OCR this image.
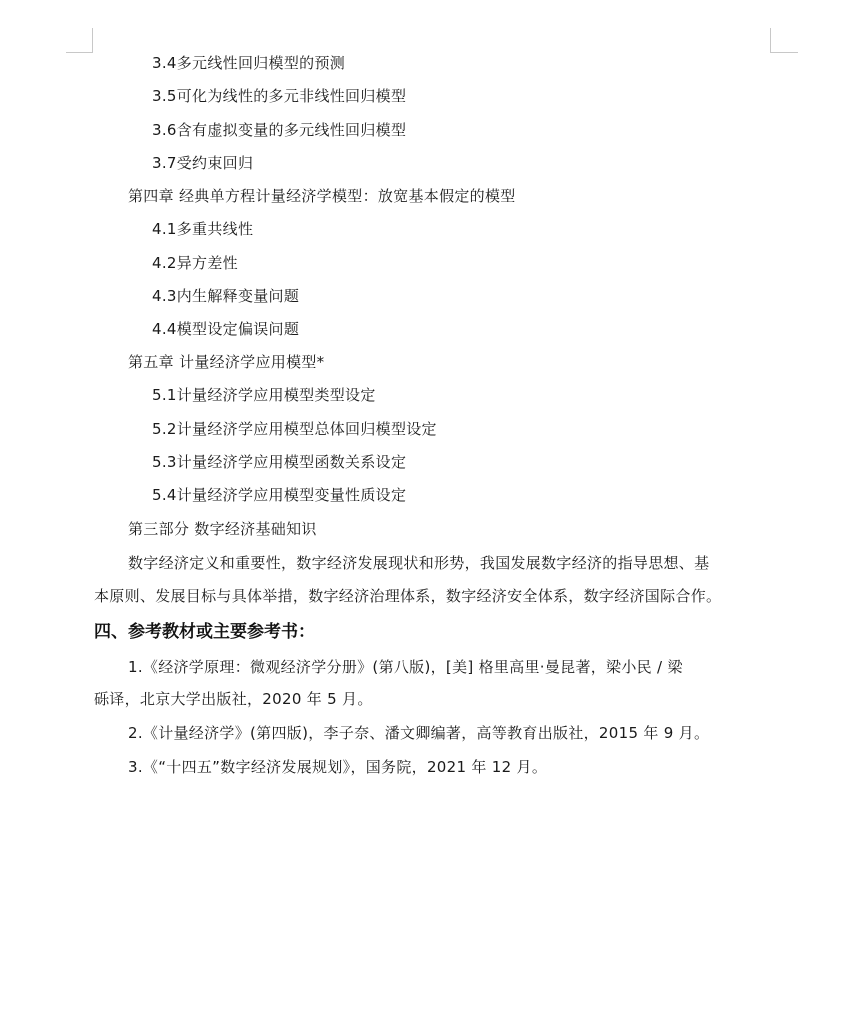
3.4多元线性回归模型的预测
3.5可化为线性的多元非线性回归模型
3.6含有虚拟变量的多元线性回归模型
3.7受约束回归
第四章 经典单方程计量经济学模型：放宽基本假定的模型
4.1多重共线性
4.2异方差性
4.3内生解释变量问题
4.4模型设定偏误问题
第五章 计量经济学应用模型*
5.1计量经济学应用模型类型设定
5.2计量经济学应用模型总体回归模型设定
5.3计量经济学应用模型函数关系设定
5.4计量经济学应用模型变量性质设定
第三部分 数字经济基础知识
数字经济定义和重要性，数字经济发展现状和形势，我国发展数字经济的指导思想、基
本原则、发展目标与具体举措，数字经济治理体系，数字经济安全体系，数字经济国际合作。
四、参考教材或主要参考书：
1.《经济学原理：微观经济学分册》(第八版)，[美] 格里高里·曼昆著，梁小民 / 梁
砾译，北京大学出版社，2020 年 5 月。
2.《计量经济学》(第四版)，李子奈、潘文卿编著，高等教育出版社，2015 年 9 月。
3.《“十四五”数字经济发展规划》，国务院，2021 年 12 月。
